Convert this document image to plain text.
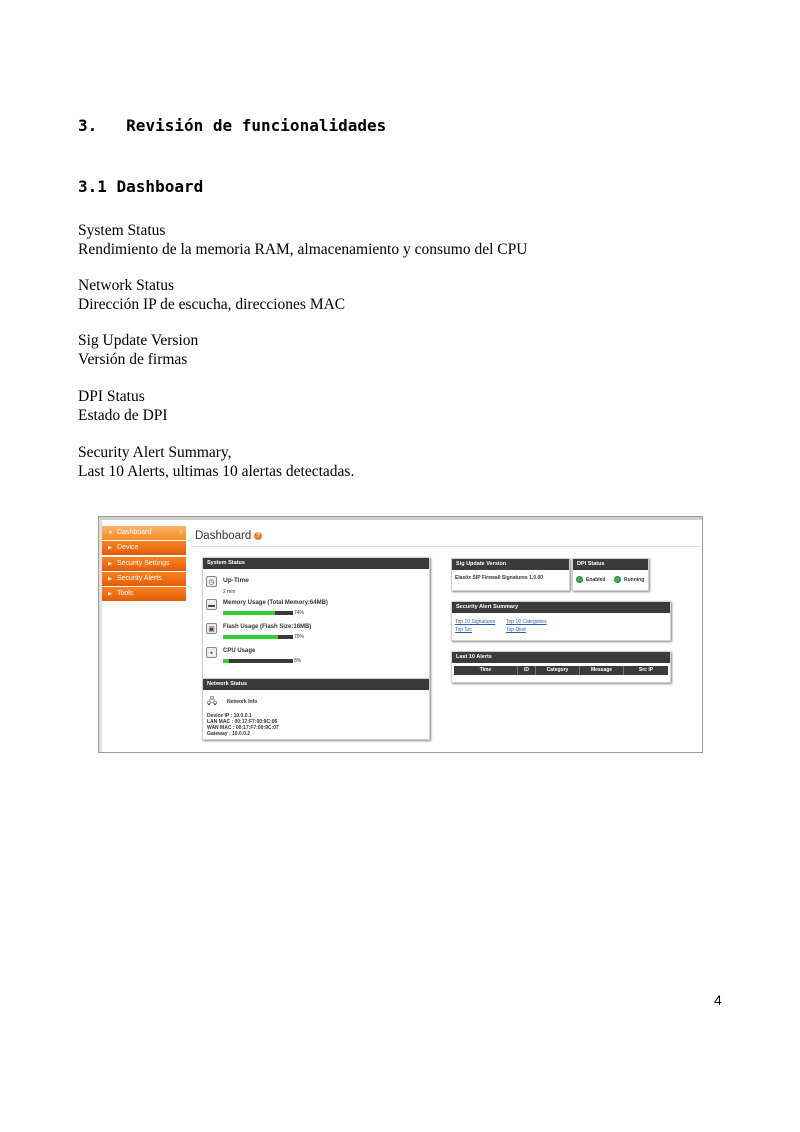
3. Revisión de funcionalidades
3.1 Dashboard
System Status
Rendimiento de la memoria RAM, almacenamiento y consumo del CPU
Network Status
Dirección IP de escucha, direcciones MAC
Sig Update Version
Versión de firmas
DPI Status
Estado de DPI
Security Alert Summary,
Last 10 Alerts, ultimas 10 alertas detectadas.
▼ Dashboard	›
▶ Device
▶ Security Settings
▶ Security Alerts
▶ Tools
Dashboard ?
System Status
◷	Up-Time
2 min
▬	Memory Usage (Total Memory:64MB)
74%
▣	Flash Usage (Flash Size:16MB)
79%
▪	CPU Usage
8%
Network Status
🖧 Network Info
Device IP : 10.0.0.1
LAN MAC : 00:17:F7:00:9C:06
WAN MAC : 00:17:F7:00:9C:07
Gateway : 10.0.0.2
Sig Update Version
Elastix SIP Firewall Signatures 1.0.00
DPI Status
Enabled	Running
Security Alert Summary
Top 10 Signatures Top 10 Categories
Top Src	Top Dest
Last 10 Alerts
Time	ID	Category	Message	Src IP
4
